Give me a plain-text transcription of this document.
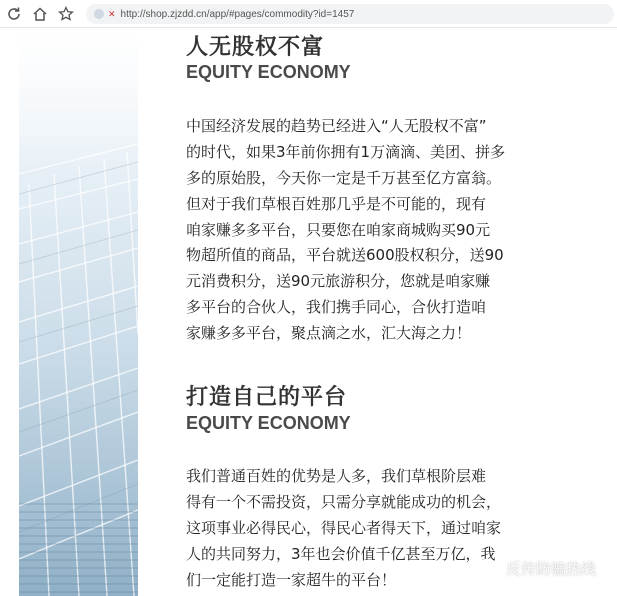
✕ http://shop.zjzdd.cn/app/#pages/commodity?id=1457
人无股权不富
EQUITY ECONOMY
中国经济发展的趋势已经进入“人无股权不富”
的时代，如果3年前你拥有1万滴滴、美团、拼多
多的原始股，今天你一定是千万甚至亿方富翁。
但对于我们草根百姓那几乎是不可能的，现有
咱家赚多多平台，只要您在咱家商城购买90元
物超所值的商品，平台就送600股权积分，送90
元消费积分，送90元旅游积分，您就是咱家赚
多平台的合伙人，我们携手同心，合伙打造咱
家赚多多平台，聚点滴之水，汇大海之力！
打造自己的平台
EQUITY ECONOMY
我们普通百姓的优势是人多，我们草根阶层难
得有一个不需投资，只需分享就能成功的机会，
这项事业必得民心，得民心者得天下，通过咱家
人的共同努力，3年也会价值千亿甚至万亿，我
们一定能打造一家超牛的平台！
反传防骗热线
